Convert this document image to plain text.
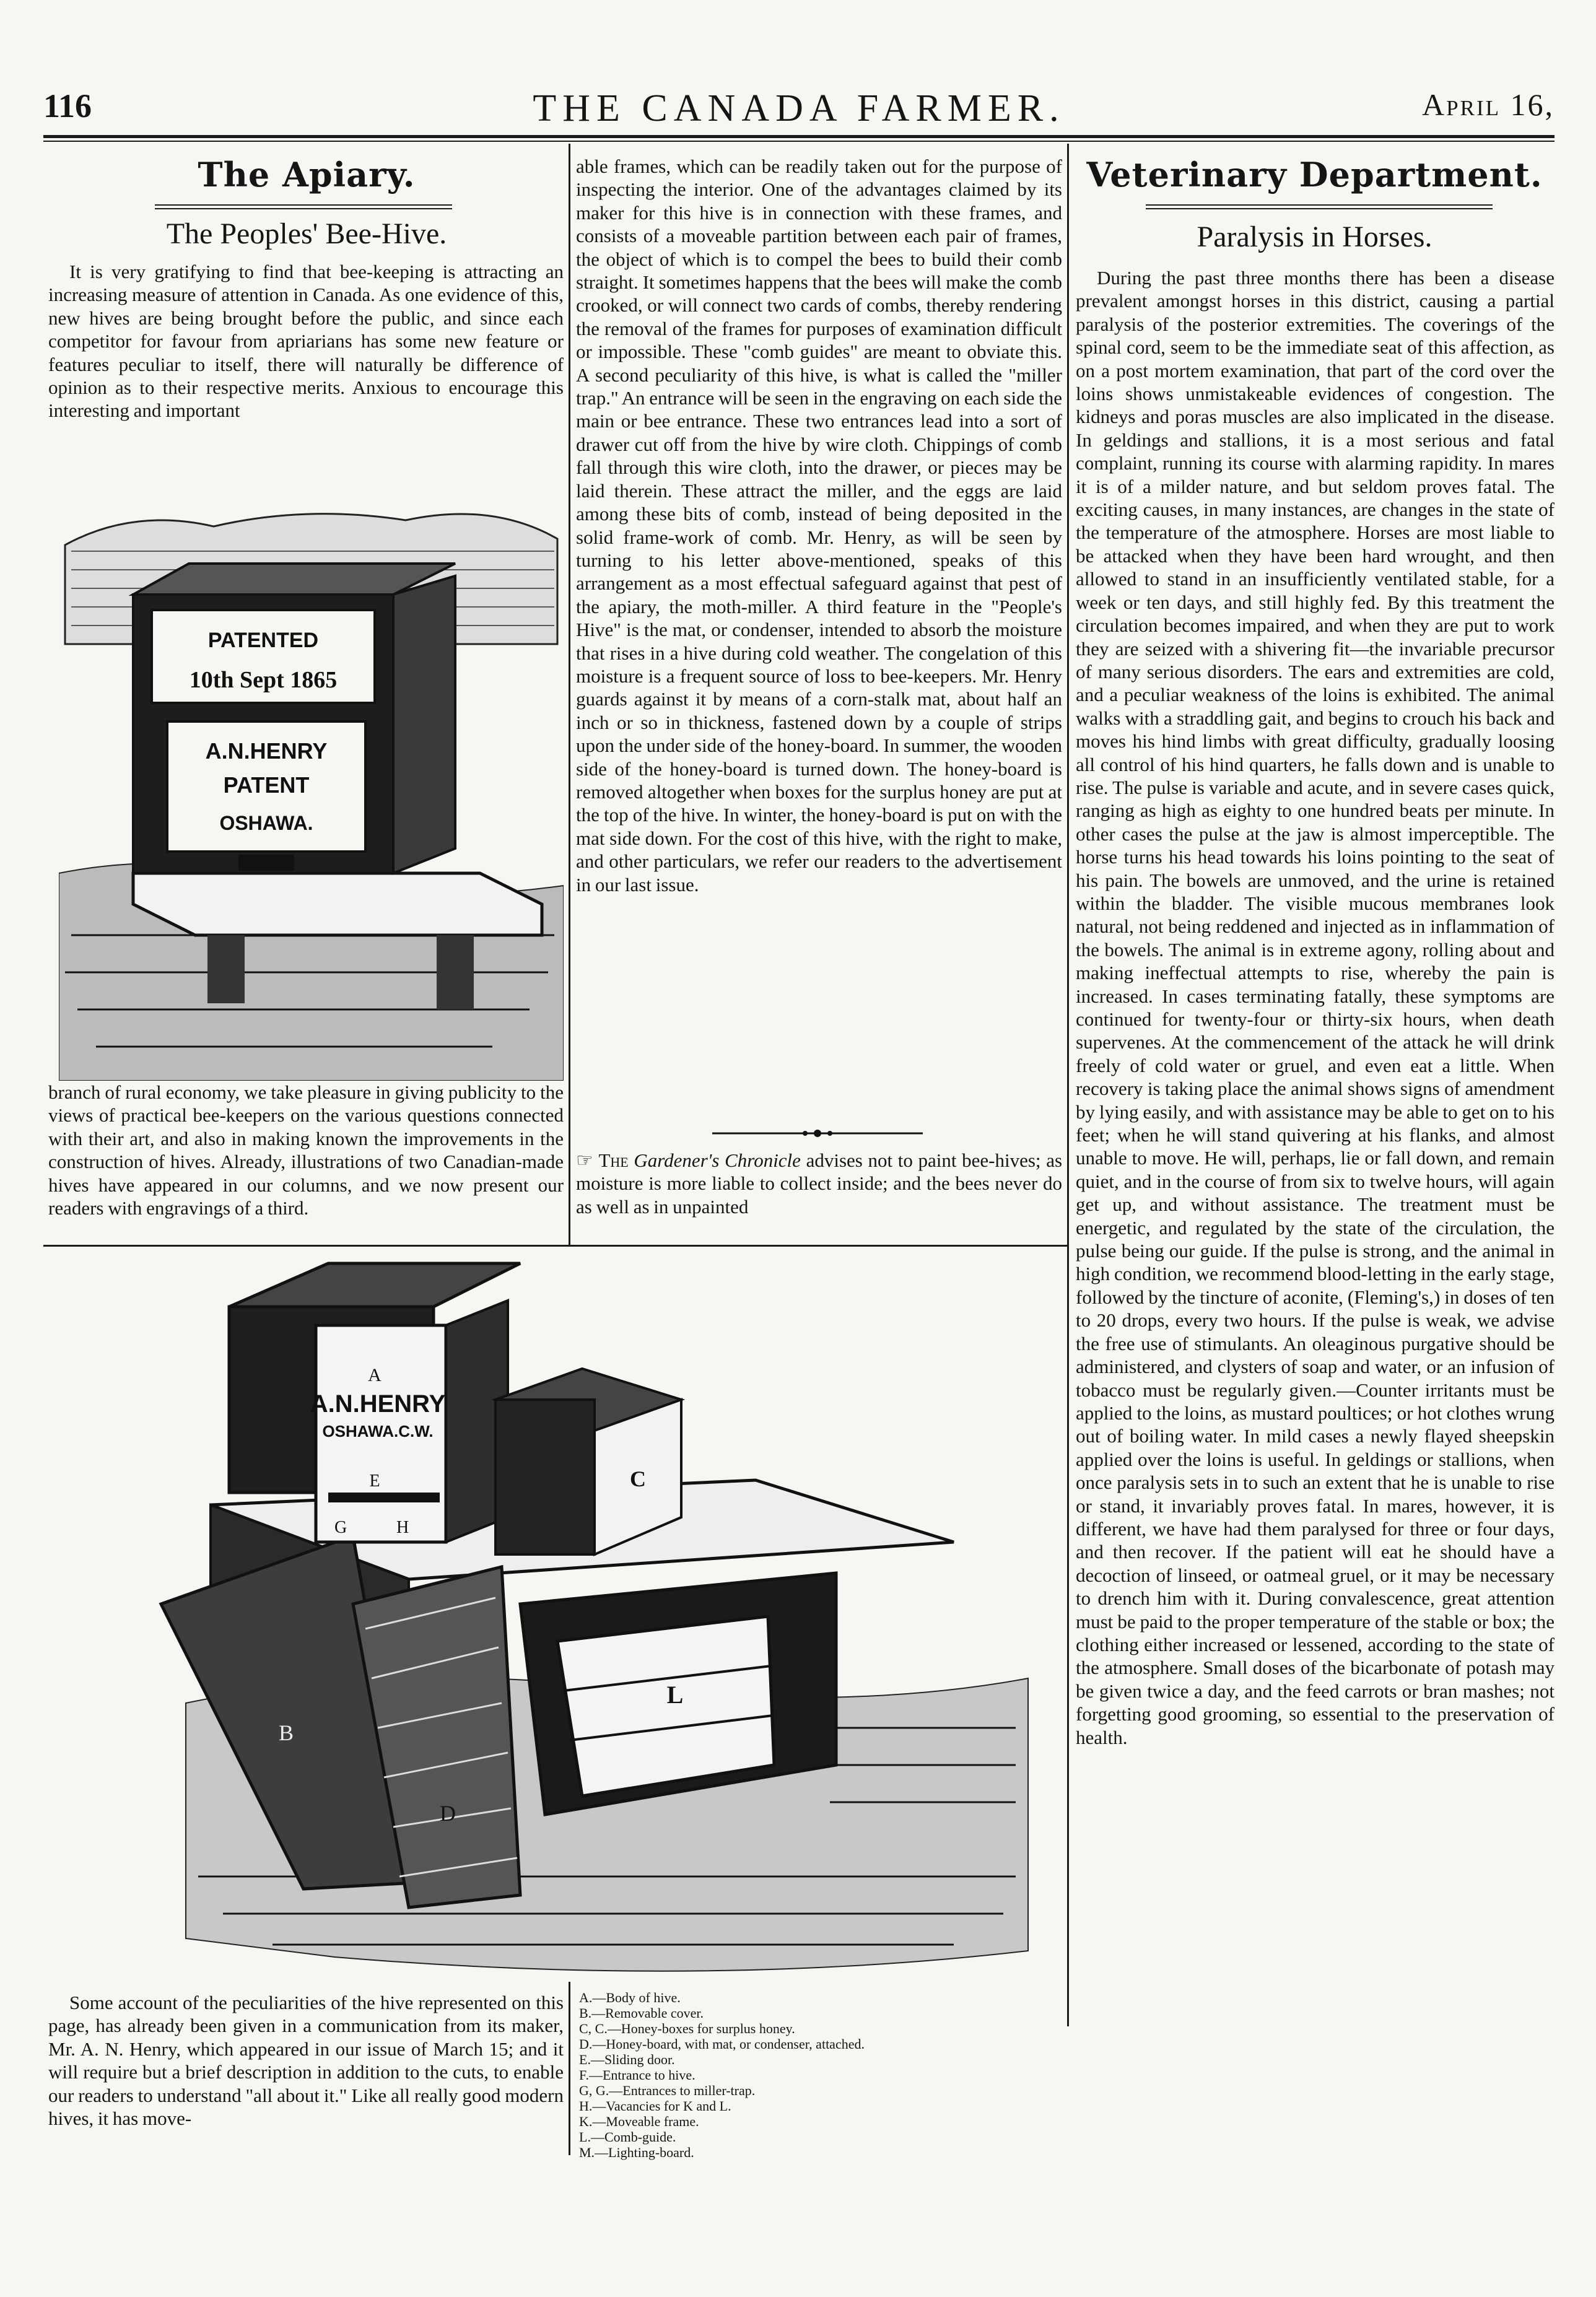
116	THE CANADA FARMER.	April 16,
The Apiary.
The Peoples' Bee-Hive.

It is very gratifying to find that bee-keeping is attracting an increasing measure of attention in Canada. As one evidence of this, new hives are being brought before the public, and since each competitor for favour from apriarians has some new feature or features peculiar to itself, there will naturally be difference of opinion as to their respective merits. Anxious to encourage this interesting and important

PATENTED
10th Sept 1865
A.N.HENRY
PATENT
OSHAWA.

branch of rural economy, we take pleasure in giving publicity to the views of practical bee-keepers on the various questions connected with their art, and also in making known the improvements in the construction of hives. Already, illustrations of two Canadian-made hives have appeared in our columns, and we now present our readers with engravings of a third.

able frames, which can be readily taken out for the purpose of inspecting the interior. One of the advantages claimed by its maker for this hive is in connection with these frames, and consists of a moveable partition between each pair of frames, the object of which is to compel the bees to build their comb straight. It sometimes happens that the bees will make the comb crooked, or will connect two cards of combs, thereby rendering the removal of the frames for purposes of examination difficult or impossible. These "comb guides" are meant to obviate this. A second peculiarity of this hive, is what is called the "miller trap." An entrance will be seen in the engraving on each side the main or bee entrance. These two entrances lead into a sort of drawer cut off from the hive by wire cloth. Chippings of comb fall through this wire cloth, into the drawer, or pieces may be laid therein. These attract the miller, and the eggs are laid among these bits of comb, instead of being deposited in the solid frame-work of comb. Mr. Henry, as will be seen by turning to his letter above-mentioned, speaks of this arrangement as a most effectual safeguard against that pest of the apiary, the moth-miller. A third feature in the "People's Hive" is the mat, or condenser, intended to absorb the moisture that rises in a hive during cold weather. The congelation of this moisture is a frequent source of loss to bee-keepers. Mr. Henry guards against it by means of a corn-stalk mat, about half an inch or so in thickness, fastened down by a couple of strips upon the under side of the honey-board. In summer, the wooden side of the honey-board is turned down. The honey-board is removed altogether when boxes for the surplus honey are put at the top of the hive. In winter, the honey-board is put on with the mat side down. For the cost of this hive, with the right to make, and other particulars, we refer our readers to the advertisement in our last issue.

☞ The Gardener's Chronicle advises not to paint bee-hives; as moisture is more liable to collect inside; and the bees never do as well as in unpainted

B
D
A
A.N.HENRY
OSHAWA.C.W.
E
G	H
C
L

Some account of the peculiarities of the hive represented on this page, has already been given in a communication from its maker, Mr. A. N. Henry, which appeared in our issue of March 15; and it will require but a brief description in addition to the cuts, to enable our readers to understand "all about it." Like all really good modern hives, it has move-

A.—Body of hive.
B.—Removable cover.
C, C.—Honey-boxes for surplus honey.
D.—Honey-board, with mat, or condenser, attached.
E.—Sliding door.
F.—Entrance to hive.
G, G.—Entrances to miller-trap.
H.—Vacancies for K and L.
K.—Moveable frame.
L.—Comb-guide.
M.—Lighting-board.
Veterinary Department.
Paralysis in Horses.

During the past three months there has been a disease prevalent amongst horses in this district, causing a partial paralysis of the posterior extremities. The coverings of the spinal cord, seem to be the immediate seat of this affection, as on a post mortem examination, that part of the cord over the loins shows unmistakeable evidences of congestion. The kidneys and poras muscles are also implicated in the disease. In geldings and stallions, it is a most serious and fatal complaint, running its course with alarming rapidity. In mares it is of a milder nature, and but seldom proves fatal. The exciting causes, in many instances, are changes in the state of the temperature of the atmosphere. Horses are most liable to be attacked when they have been hard wrought, and then allowed to stand in an insufficiently ventilated stable, for a week or ten days, and still highly fed. By this treatment the circulation becomes impaired, and when they are put to work they are seized with a shivering fit—the invariable precursor of many serious disorders. The ears and extremities are cold, and a peculiar weakness of the loins is exhibited. The animal walks with a straddling gait, and begins to crouch his back and moves his hind limbs with great difficulty, gradually loosing all control of his hind quarters, he falls down and is unable to rise. The pulse is variable and acute, and in severe cases quick, ranging as high as eighty to one hundred beats per minute. In other cases the pulse at the jaw is almost imperceptible. The horse turns his head towards his loins pointing to the seat of his pain. The bowels are unmoved, and the urine is retained within the bladder. The visible mucous membranes look natural, not being reddened and injected as in inflammation of the bowels. The animal is in extreme agony, rolling about and making ineffectual attempts to rise, whereby the pain is increased. In cases terminating fatally, these symptoms are continued for twenty-four or thirty-six hours, when death supervenes. At the commencement of the attack he will drink freely of cold water or gruel, and even eat a little. When recovery is taking place the animal shows signs of amendment by lying easily, and with assistance may be able to get on to his feet; when he will stand quivering at his flanks, and almost unable to move. He will, perhaps, lie or fall down, and remain quiet, and in the course of from six to twelve hours, will again get up, and without assistance. The treatment must be energetic, and regulated by the state of the circulation, the pulse being our guide. If the pulse is strong, and the animal in high condition, we recommend blood-letting in the early stage, followed by the tincture of aconite, (Fleming's,) in doses of ten to 20 drops, every two hours. If the pulse is weak, we advise the free use of stimulants. An oleaginous purgative should be administered, and clysters of soap and water, or an infusion of tobacco must be regularly given.—Counter irritants must be applied to the loins, as mustard poultices; or hot clothes wrung out of boiling water. In mild cases a newly flayed sheepskin applied over the loins is useful. In geldings or stallions, when once paralysis sets in to such an extent that he is unable to rise or stand, it invariably proves fatal. In mares, however, it is different, we have had them paralysed for three or four days, and then recover. If the patient will eat he should have a decoction of linseed, or oatmeal gruel, or it may be necessary to drench him with it. During convalescence, great attention must be paid to the proper temperature of the stable or box; the clothing either increased or lessened, according to the state of the atmosphere. Small doses of the bicarbonate of potash may be given twice a day, and the feed carrots or bran mashes; not forgetting good grooming, so essential to the preservation of health.
